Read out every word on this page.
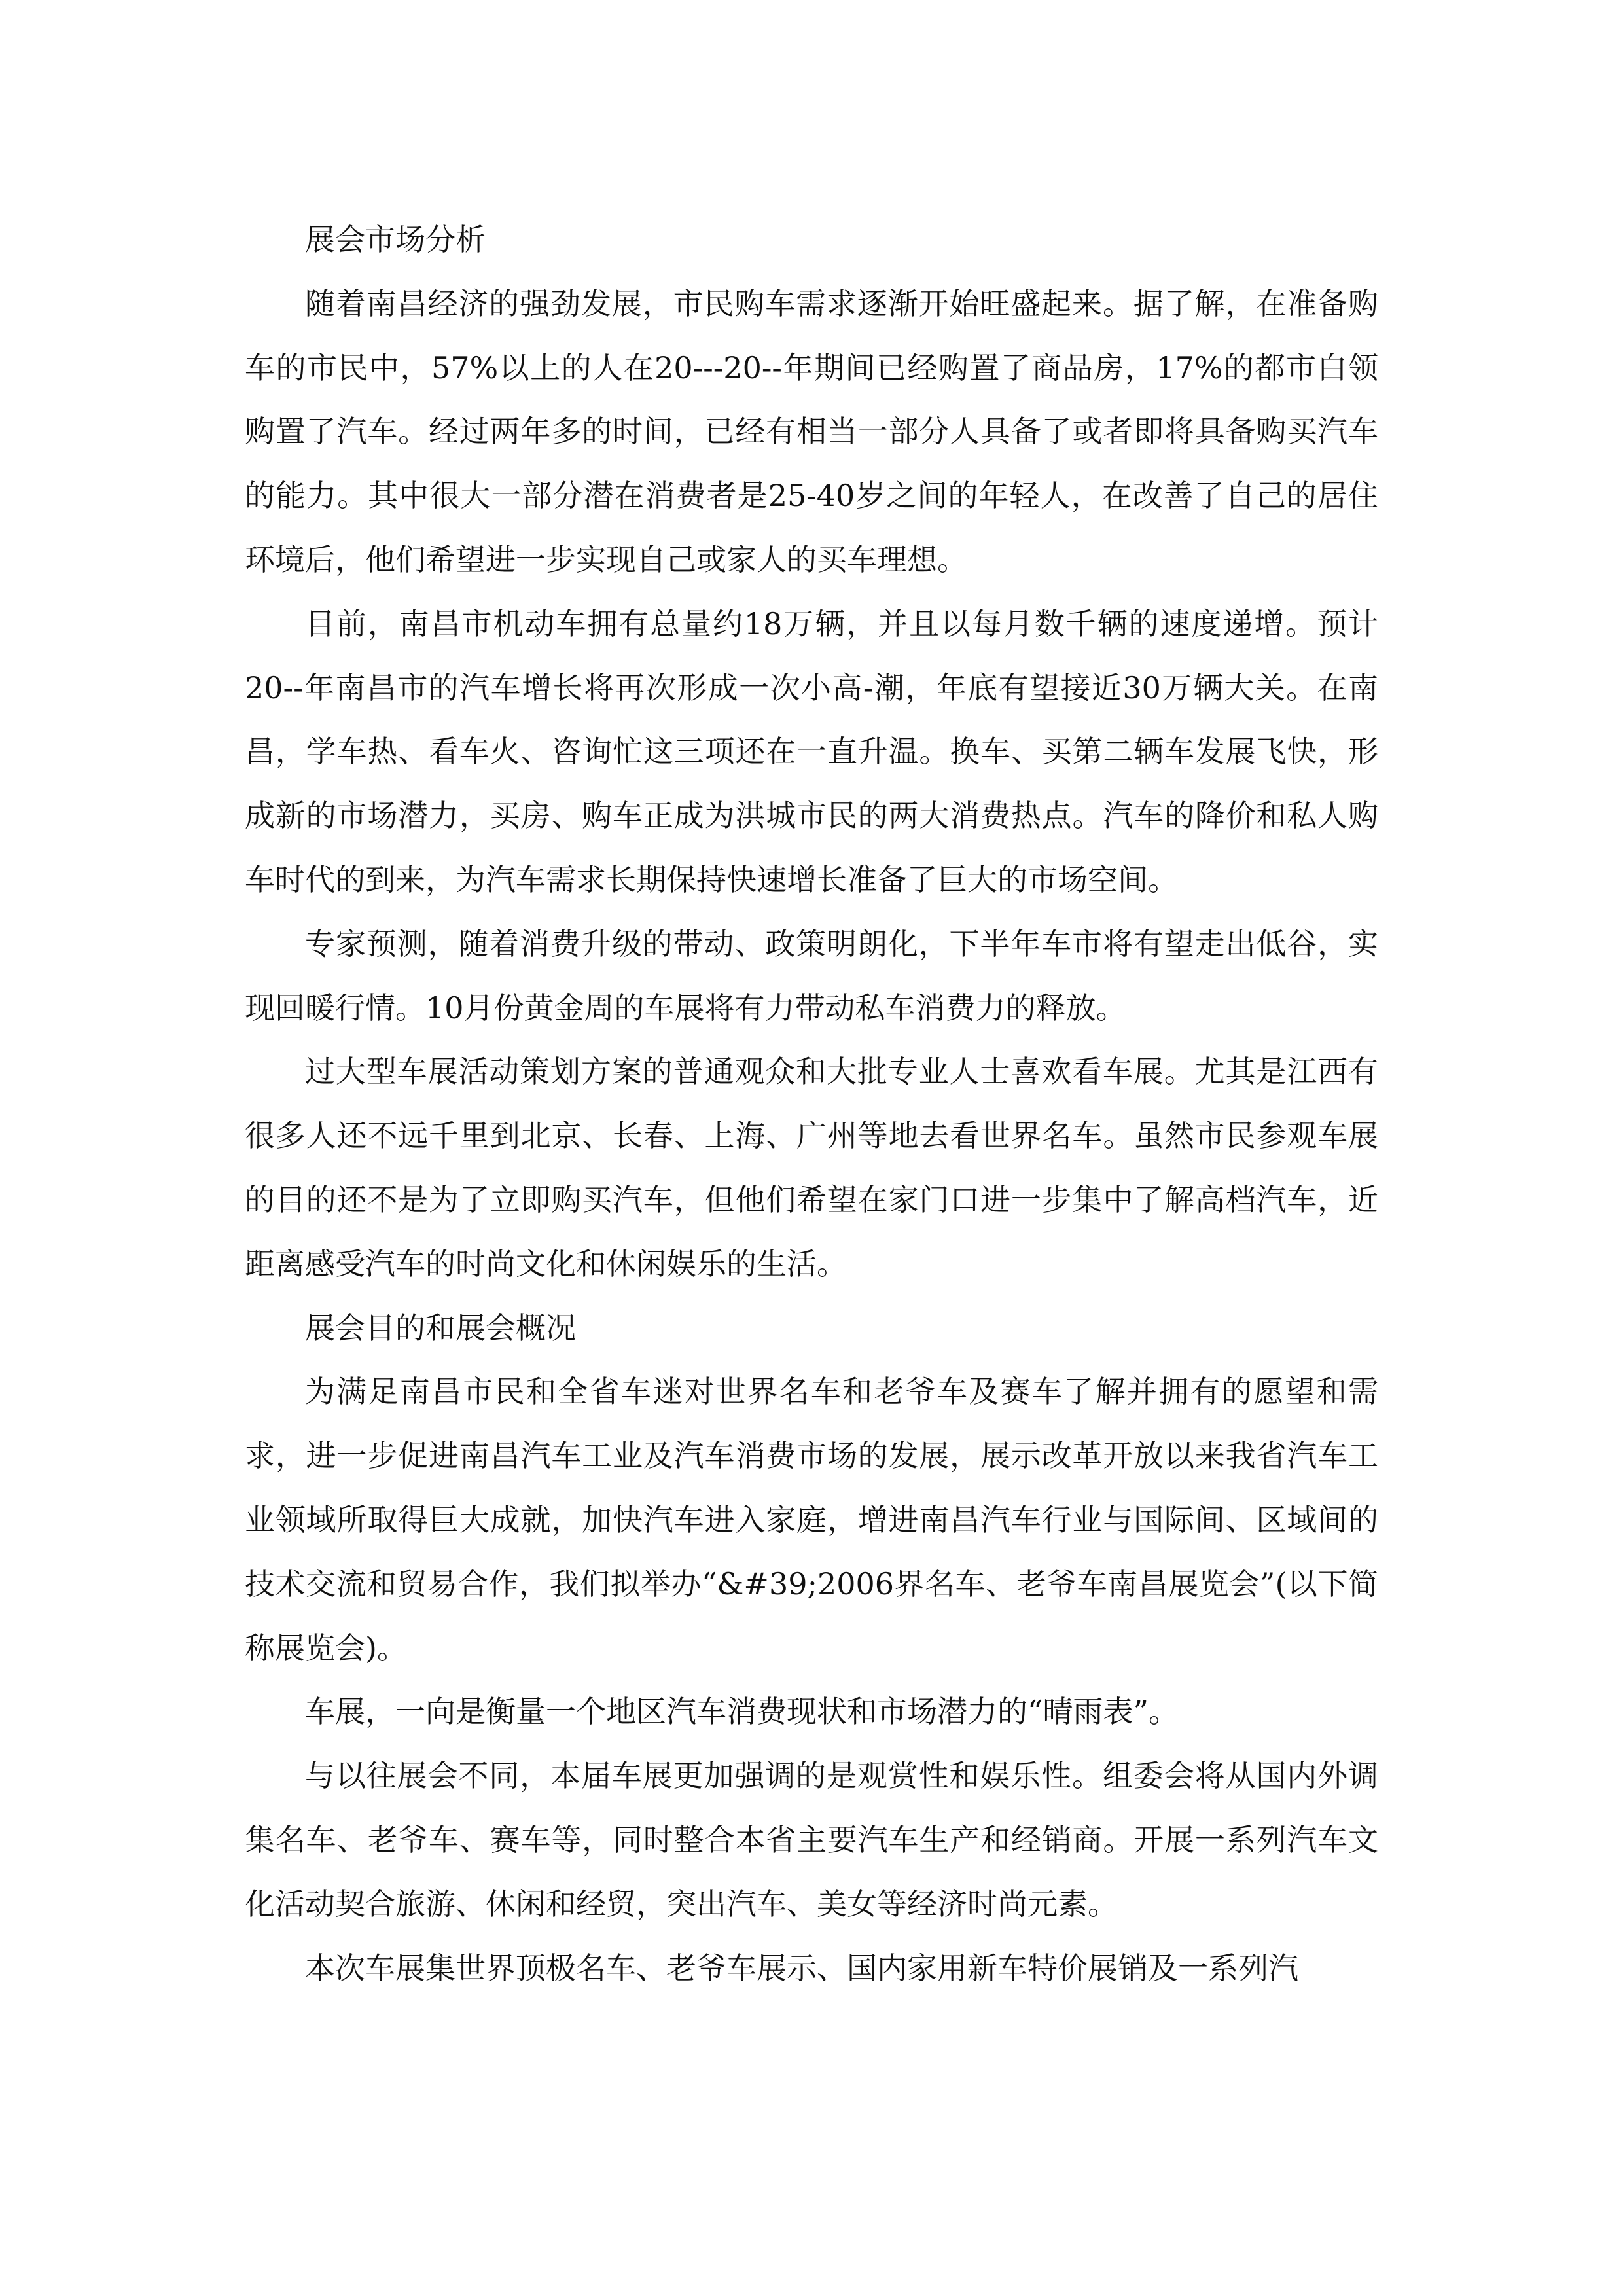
展会市场分析

随着南昌经济的强劲发展，市民购车需求逐渐开始旺盛起来。据了解，在准备购车的市民中，57%以上的人在20---20--年期间已经购置了商品房，17%的都市白领购置了汽车。经过两年多的时间，已经有相当一部分人具备了或者即将具备购买汽车的能力。其中很大一部分潜在消费者是25-40岁之间的年轻人，在改善了自己的居住环境后，他们希望进一步实现自己或家人的买车理想。

目前，南昌市机动车拥有总量约18万辆，并且以每月数千辆的速度递增。预计20--年南昌市的汽车增长将再次形成一次小高-潮，年底有望接近30万辆大关。在南昌，学车热、看车火、咨询忙这三项还在一直升温。换车、买第二辆车发展飞快，形成新的市场潜力，买房、购车正成为洪城市民的两大消费热点。汽车的降价和私人购车时代的到来，为汽车需求长期保持快速增长准备了巨大的市场空间。

专家预测，随着消费升级的带动、政策明朗化，下半年车市将有望走出低谷，实现回暖行情。10月份黄金周的车展将有力带动私车消费力的释放。

过大型车展活动策划方案的普通观众和大批专业人士喜欢看车展。尤其是江西有很多人还不远千里到北京、长春、上海、广州等地去看世界名车。虽然市民参观车展的目的还不是为了立即购买汽车，但他们希望在家门口进一步集中了解高档汽车，近距离感受汽车的时尚文化和休闲娱乐的生活。

展会目的和展会概况

为满足南昌市民和全省车迷对世界名车和老爷车及赛车了解并拥有的愿望和需求，进一步促进南昌汽车工业及汽车消费市场的发展，展示改革开放以来我省汽车工业领域所取得巨大成就，加快汽车进入家庭，增进南昌汽车行业与国际间、区域间的技术交流和贸易合作，我们拟举办“&#39;2006界名车、老爷车南昌展览会”(以下简称展览会)。

车展，一向是衡量一个地区汽车消费现状和市场潜力的“晴雨表”。

与以往展会不同，本届车展更加强调的是观赏性和娱乐性。组委会将从国内外调集名车、老爷车、赛车等，同时整合本省主要汽车生产和经销商。开展一系列汽车文化活动契合旅游、休闲和经贸，突出汽车、美女等经济时尚元素。

本次车展集世界顶极名车、老爷车展示、国内家用新车特价展销及一系列汽
